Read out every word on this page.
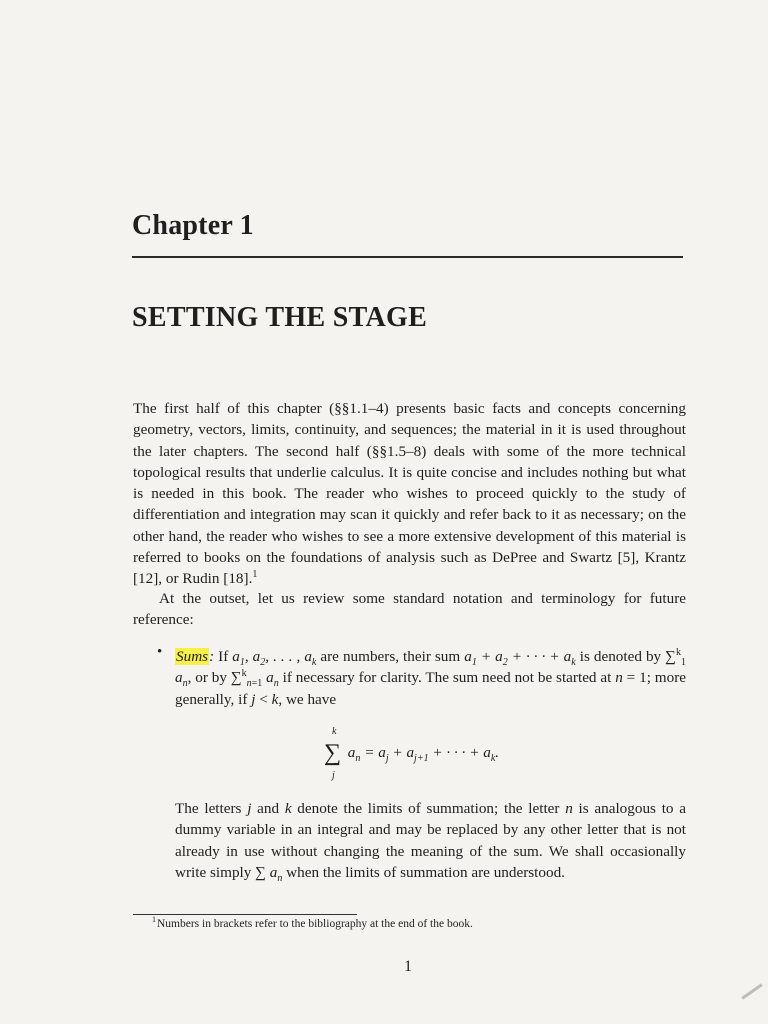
Chapter 1
SETTING THE STAGE
The first half of this chapter (§§1.1–4) presents basic facts and concepts concerning geometry, vectors, limits, continuity, and sequences; the material in it is used throughout the later chapters. The second half (§§1.5–8) deals with some of the more technical topological results that underlie calculus. It is quite concise and includes nothing but what is needed in this book. The reader who wishes to proceed quickly to the study of differentiation and integration may scan it quickly and refer back to it as necessary; on the other hand, the reader who wishes to see a more extensive development of this material is referred to books on the foundations of analysis such as DePree and Swartz [5], Krantz [12], or Rudin [18].$^1$
At the outset, let us review some standard notation and terminology for future reference:
• Sums: If $a_1$, $a_2$, . . . , $a_k$ are numbers, their sum $a_1 + a_2$ + · · · + $a_k$ is denoted by ∑$^k_1$ $a_n$, or by ∑$^k_{n=1}$ $a_n$ if necessary for clarity. The sum need not be started at n = 1; more generally, if j < k, we have
k
∑
j
$a_n = a_j + a_{j+1}$ + · · · + $a_k$.
The letters j and k denote the limits of summation; the letter n is analogous to a dummy variable in an integral and may be replaced by any other letter that is not already in use without changing the meaning of the sum. We shall occasionally write simply ∑ $a_n$ when the limits of summation are understood.
$^1$Numbers in brackets refer to the bibliography at the end of the book.
1
